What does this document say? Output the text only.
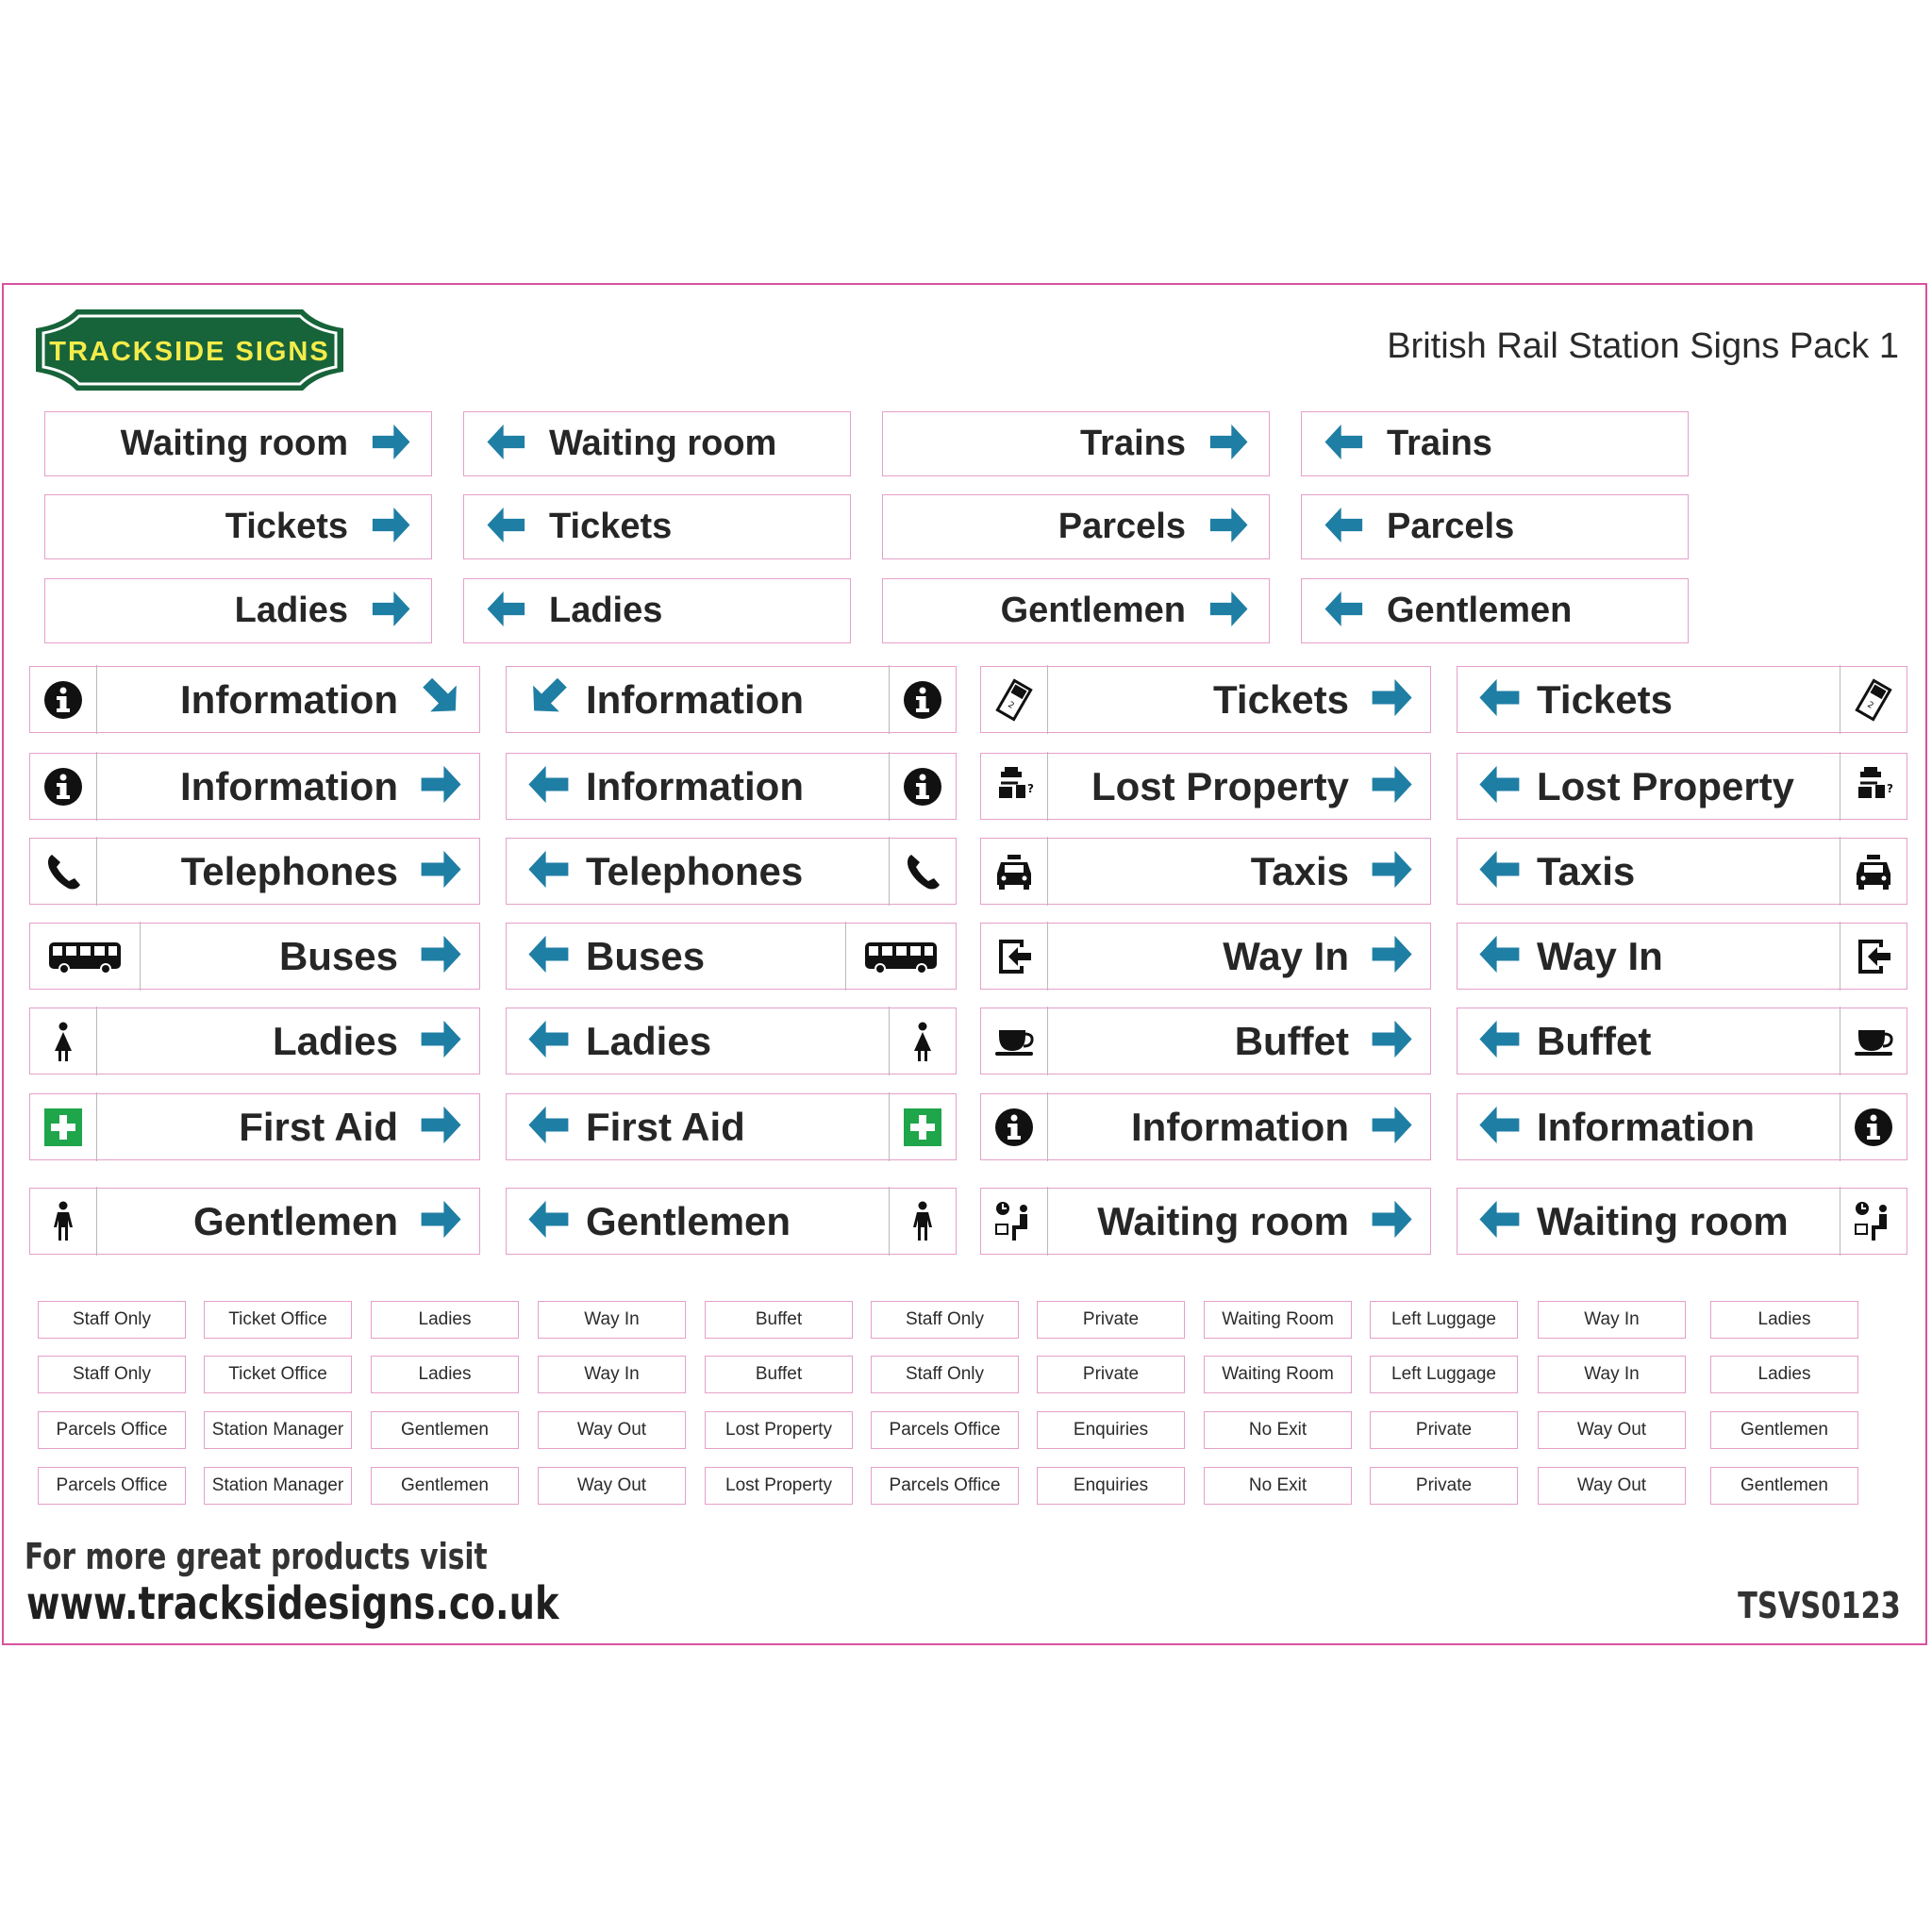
TRACKSIDE SIGNS	British Rail Station Signs Pack 1
Waiting room	Waiting room	Trains	Trains
Tickets	Tickets	Parcels	Parcels
Ladies	Ladies	Gentlemen	Gentlemen
Information	Information	2	Tickets	2
Tickets
Information	Information	? Lost Property	?
Lost Property
Telephones	Telephones	Taxis	Taxis
Buses	Buses	Way In	Way In
Ladies	Ladies	Buffet	Buffet
First Aid	First Aid	Information	Information
Gentlemen	Gentlemen	Waiting room	Waiting room
Staff Only	Ticket Office	Ladies	Way In	Buffet	Staff Only	Private	Waiting Room	Left Luggage	Way In	Ladies
Staff Only	Ticket Office	Ladies	Way In	Buffet	Staff Only	Private	Waiting Room	Left Luggage	Way In	Ladies
Parcels Office	Station Manager	Gentlemen	Way Out	Lost Property	Parcels Office	Enquiries	No Exit	Private	Way Out	Gentlemen
Parcels Office	Station Manager	Gentlemen	Way Out	Lost Property	Parcels Office	Enquiries	No Exit	Private	Way Out	Gentlemen
For more great products visit
www.tracksidesigns.co.uk	TSVS0123
